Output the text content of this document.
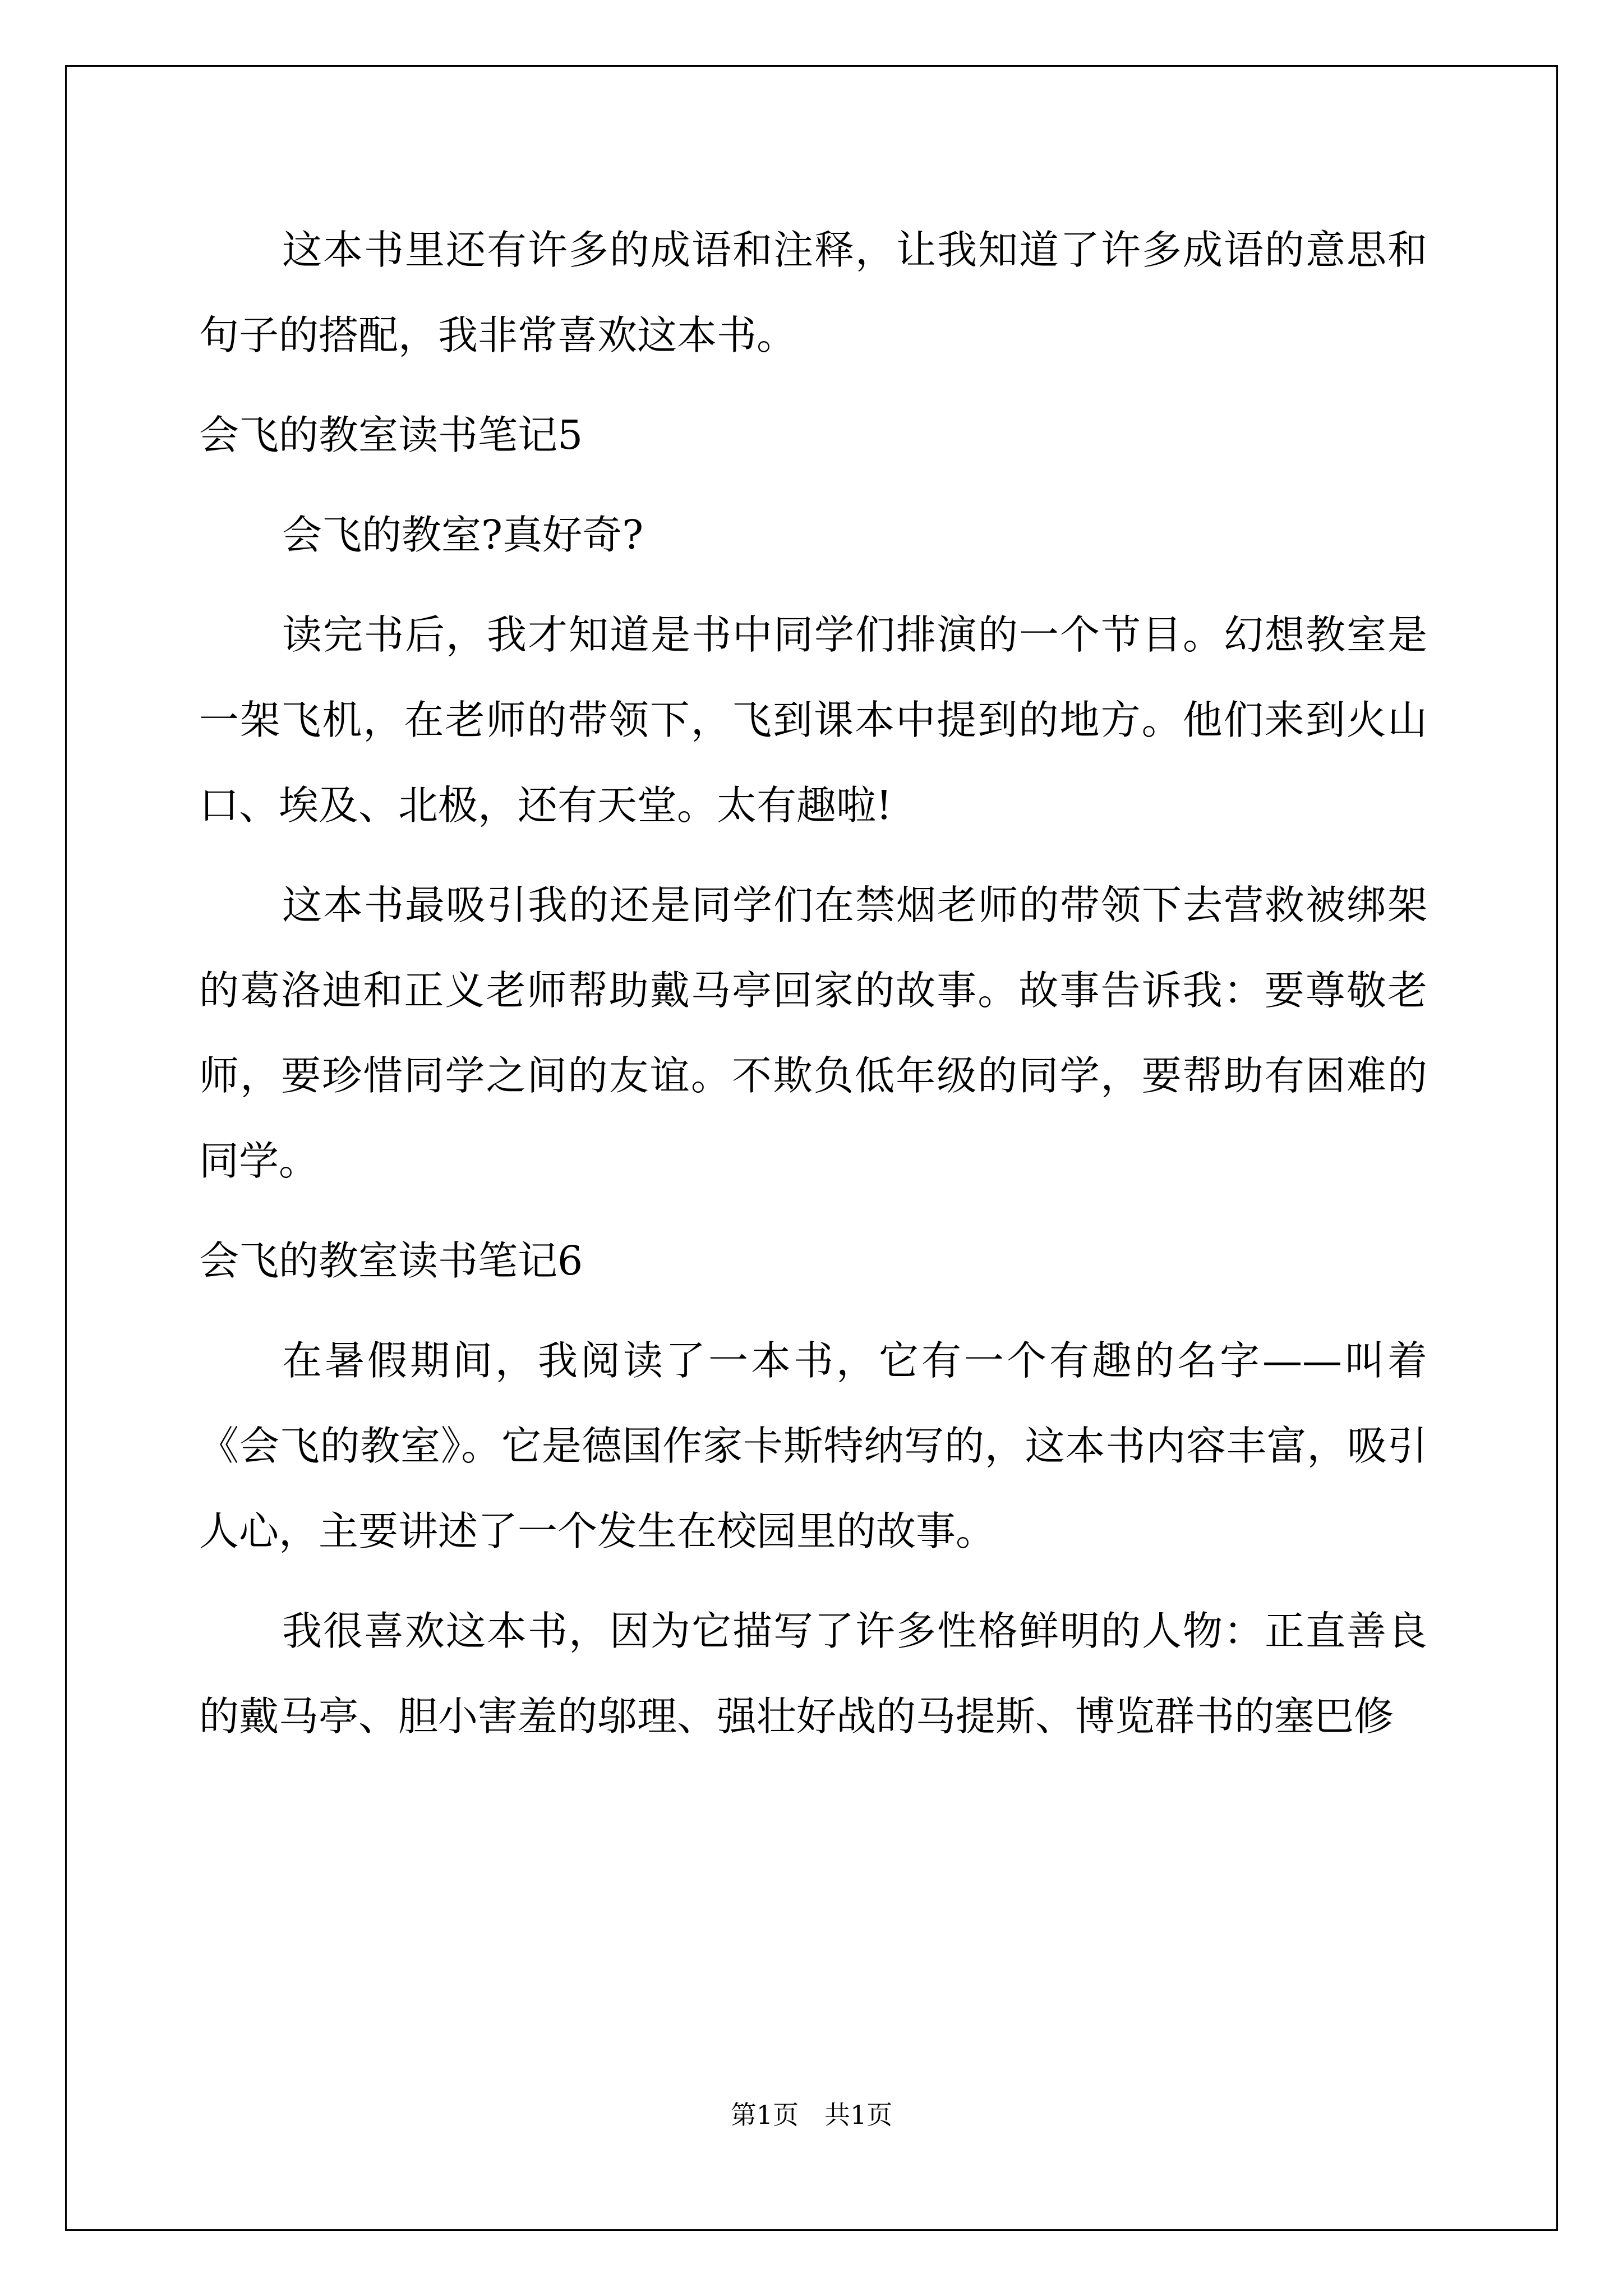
这本书里还有许多的成语和注释，让我知道了许多成语的意思和句子的搭配，我非常喜欢这本书。

会飞的教室读书笔记5

会飞的教室?真好奇?

读完书后，我才知道是书中同学们排演的一个节目。幻想教室是一架飞机，在老师的带领下，飞到课本中提到的地方。他们来到火山口、埃及、北极，还有天堂。太有趣啦!

这本书最吸引我的还是同学们在禁烟老师的带领下去营救被绑架的葛洛迪和正义老师帮助戴马亭回家的故事。故事告诉我：要尊敬老师，要珍惜同学之间的友谊。不欺负低年级的同学，要帮助有困难的同学。

会飞的教室读书笔记6

在暑假期间，我阅读了一本书，它有一个有趣的名字——叫着《会飞的教室》。它是德国作家卡斯特纳写的，这本书内容丰富，吸引人心，主要讲述了一个发生在校园里的故事。

我很喜欢这本书，因为它描写了许多性格鲜明的人物：正直善良的戴马亭、胆小害羞的邬理、强壮好战的马提斯、博览群书的塞巴修

第1页　共1页
